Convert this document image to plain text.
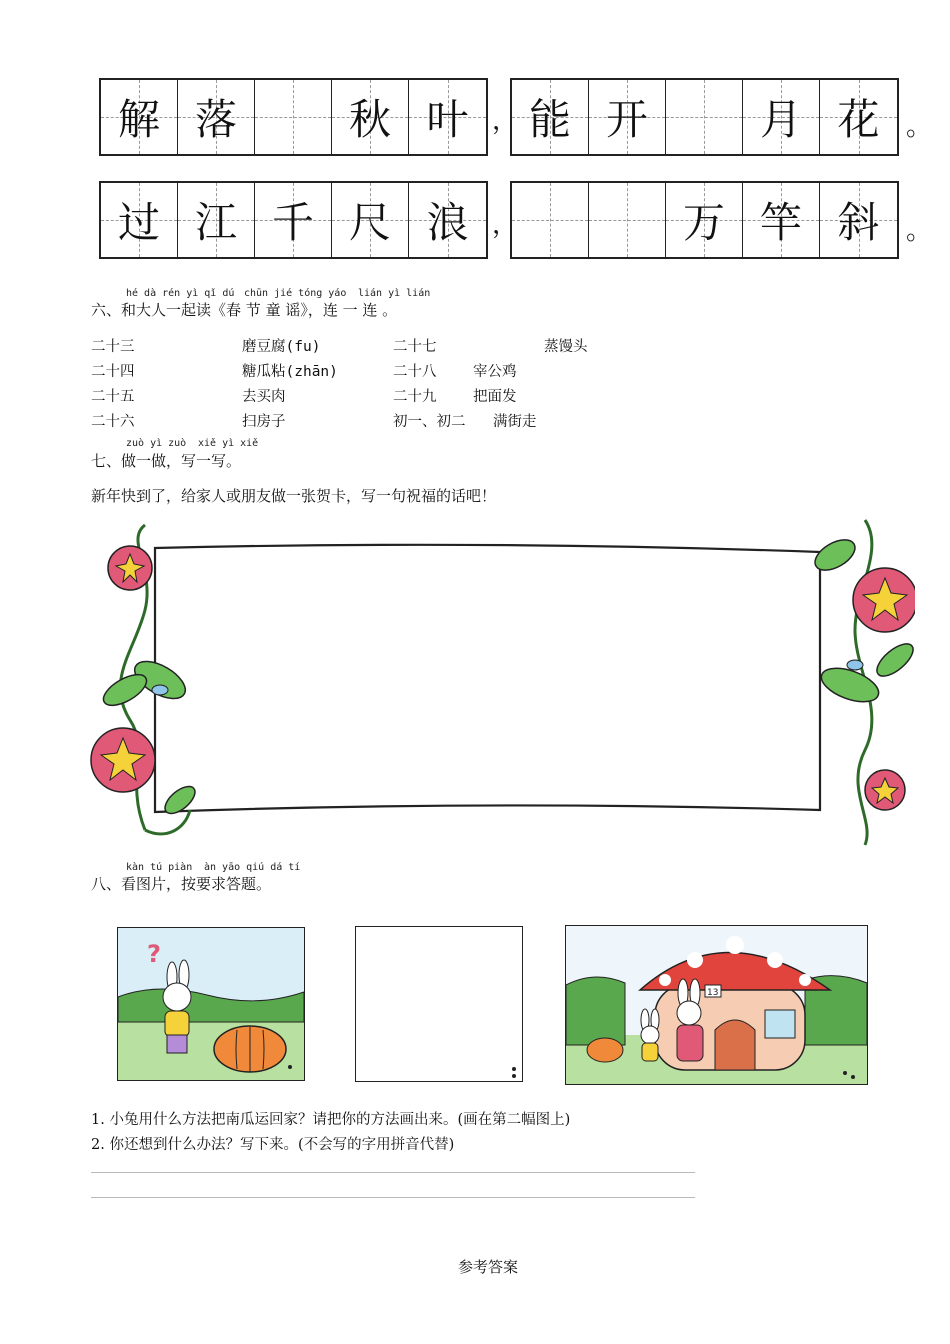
解 落	秋 叶 ， 能 开	月 花 。
过 江 千 尺 浪 ，	万 竿 斜 。
hé dà rén yì qǐ dú chūn jié tóng yáo lián yì lián
六、和大人一起读《春 节 童 谣》，连 一 连 。
二十三	磨豆腐(fu)	二十七	蒸馒头
二十四	糖瓜粘(zhān)	二十八	宰公鸡
二十五	去买肉	二十九	把面发
二十六	扫房子	初一、初二 满街走
zuò yì zuò xiě yì xiě
七、做一做，写一写。
新年快到了，给家人或朋友做一张贺卡，写一句祝福的话吧！
kàn tú piàn àn yāo qiú dá tí
八、看图片，按要求答题。
?
13
1. 小兔用什么方法把南瓜运回家？请把你的方法画出来。(画在第二幅图上)
2. 你还想到什么办法？写下来。(不会写的字用拼音代替)
参考答案
